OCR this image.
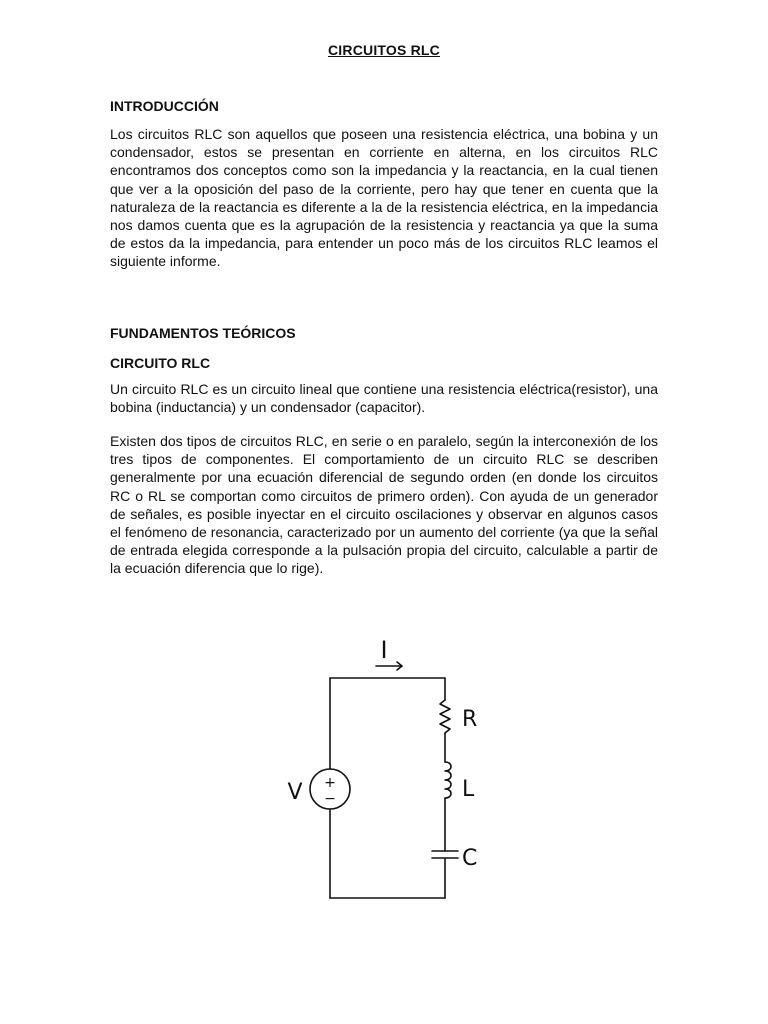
CIRCUITOS RLC
INTRODUCCIÓN

Los circuitos RLC son aquellos que poseen una resistencia eléctrica, una bobina y un condensador, estos se presentan en corriente en alterna, en los circuitos RLC encontramos dos conceptos como son la impedancia y la reactancia, en la cual tienen que ver a la oposición del paso de la corriente, pero hay que tener en cuenta que la naturaleza de la reactancia es diferente a la de la resistencia eléctrica, en la impedancia nos damos cuenta que es la agrupación de la resistencia y reactancia ya que la suma de estos da la impedancia, para entender un poco más de los circuitos RLC leamos el siguiente informe.

FUNDAMENTOS TEÓRICOS
CIRCUITO RLC

Un circuito RLC es un circuito lineal que contiene una resistencia eléctrica(resistor), una bobina (inductancia) y un condensador (capacitor).

Existen dos tipos de circuitos RLC, en serie o en paralelo, según la interconexión de los tres tipos de componentes. El comportamiento de un circuito RLC se describen generalmente por una ecuación diferencial de segundo orden (en donde los circuitos RC o RL se comportan como circuitos de primero orden). Con ayuda de un generador de señales, es posible inyectar en el circuito oscilaciones y observar en algunos casos el fenómeno de resonancia, caracterizado por un aumento del corriente (ya que la señal de entrada elegida corresponde a la pulsación propia del circuito, calculable a partir de la ecuación diferencia que lo rige).

I
V +
−
R
L
C
